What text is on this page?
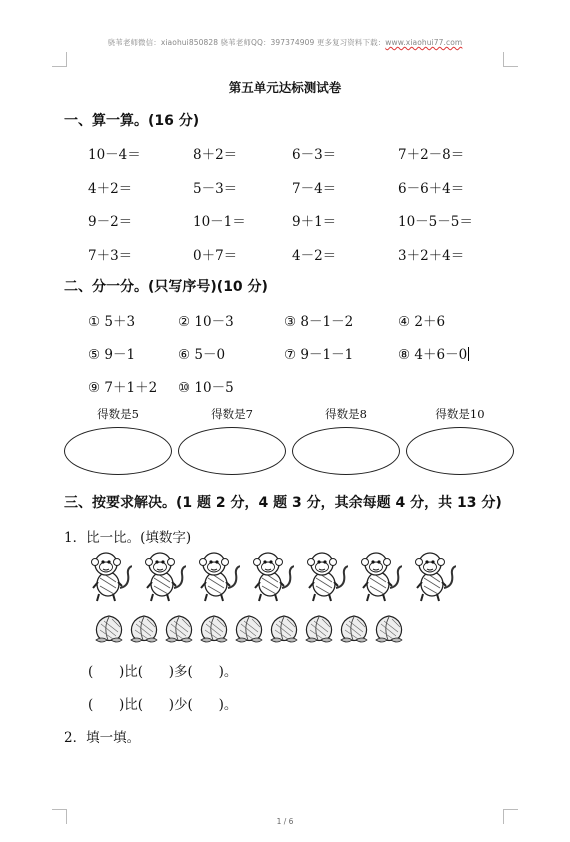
骁苇老师微信：xiaohui850828 骁苇老师QQ：397374909 更多复习资料下载：www.xiaohui77.com
第五单元达标测试卷
一、算一算。(16 分)
10－4＝	8＋2＝	6－3＝	7＋2－8＝
4＋2＝	5－3＝	7－4＝	6－6＋4＝
9－2＝	10－1＝	9＋1＝	10－5－5＝
7＋3＝	0＋7＝	4－2＝	3＋2＋4＝
二、分一分。(只写序号)(10 分)
① 5＋3	② 10－3	③ 8－1－2	④ 2＋6
⑤ 9－1	⑥ 5－0	⑦ 9－1－1	⑧ 4＋6－0
⑨ 7＋1＋2 ⑩ 10－5
得数是5	得数是7	得数是8	得数是10
三、按要求解决。(1 题 2 分，4 题 3 分，其余每题 4 分，共 13 分)
1．比一比。(填数字)
(      )比(      )多(      )。
(      )比(      )少(      )。
2．填一填。
1 / 6
